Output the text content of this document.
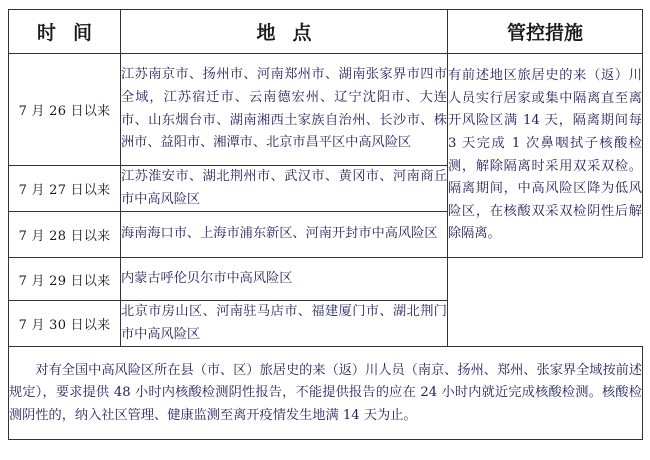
时间	地点	管控措施
7 月 26 日以来	江苏南京市、扬州市、河南郑州市、湖南张家界市四市全域，江苏宿迁市、云南德宏州、辽宁沈阳市、大连市、山东烟台市、湖南湘西土家族自治州、长沙市、株洲市、益阳市、湘潭市、北京市昌平区中高风险区	有前述地区旅居史的来（返）川人员实行居家或集中隔离直至离开风险区满 14 天，隔离期间每 3 天完成 1 次鼻咽拭子核酸检测，解除隔离时采用双采双检。隔离期间，中高风险区降为低风险区，在核酸双采双检阴性后解除隔离。
7 月 27 日以来	江苏淮安市、湖北荆州市、武汉市、黄冈市、河南商丘市中高风险区	
7 月 28 日以来	海南海口市、上海市浦东新区、河南开封市中高风险区	
7 月 29 日以来	内蒙古呼伦贝尔市中高风险区	
7 月 30 日以来	北京市房山区、河南驻马店市、福建厦门市、湖北荆门市中高风险区	
对有全国中高风险区所在县（市、区）旅居史的来（返）川人员（南京、扬州、郑州、张家界全域按前述规定），要求提供 48 小时内核酸检测阴性报告，不能提供报告的应在 24 小时内就近完成核酸检测。核酸检测阴性的，纳入社区管理、健康监测至离开疫情发生地满 14 天为止。		
